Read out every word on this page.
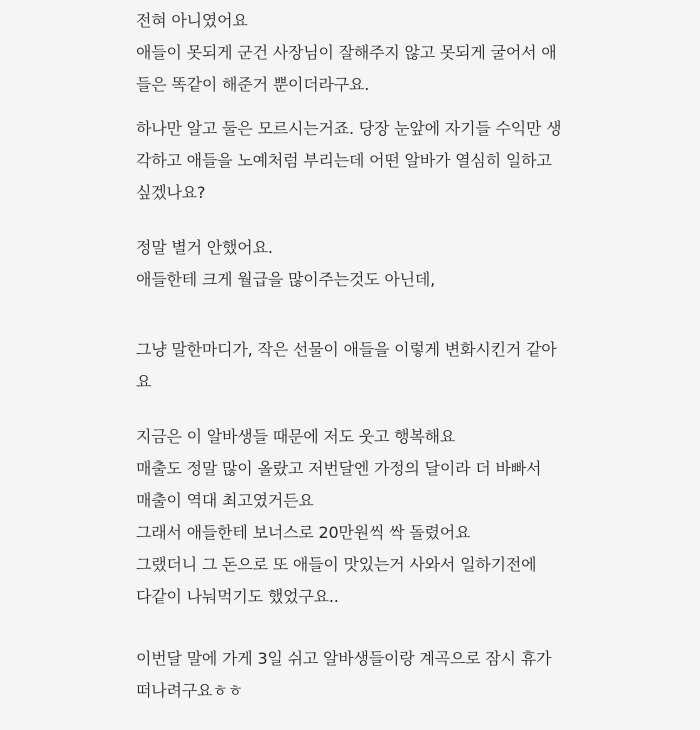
전혀 아니였어요

애들이 못되게 군건 사장님이 잘해주지 않고 못되게 굴어서 애

들은 똑같이 해준거 뿐이더라구요.

하나만 알고 둘은 모르시는거죠. 당장 눈앞에 자기들 수익만 생

각하고 애들을 노예처럼 부리는데 어떤 알바가 열심히 일하고

싶겠나요?

정말 별거 안했어요.

애들한테 크게 월급을 많이주는것도 아닌데,

그냥 말한마디가, 작은 선물이 애들을 이렇게 변화시킨거 같아

요

지금은 이 알바생들 때문에 저도 웃고 행복해요

매출도 정말 많이 올랐고 저번달엔 가정의 달이라 더 바빠서

매출이 역대 최고였거든요

그래서 애들한테 보너스로 20만원씩 싹 돌렸어요

그랬더니 그 돈으로 또 애들이 맛있는거 사와서 일하기전에

다같이 나눠먹기도 했었구요..

이번달 말에 가게 3일 쉬고 알바생들이랑 계곡으로 잠시 휴가

떠나려구요ㅎㅎ
